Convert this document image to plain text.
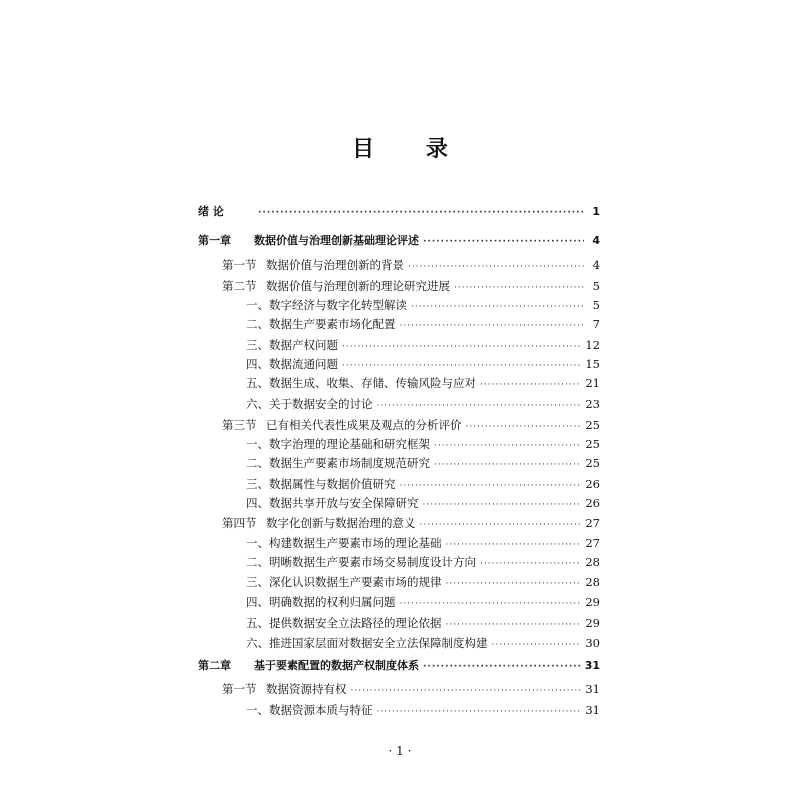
目 录
绪 论 ·····	1
第一章 数据价值与治理创新基础理论评述 ·····	4
第一节 数据价值与治理创新的背景 ·····	4
第二节 数据价值与治理创新的理论研究进展 ·····	5
一、数字经济与数字化转型解读 ·····	5
二、数据生产要素市场化配置 ·····	7
三、数据产权问题 ·····	12
四、数据流通问题 ·····	15
五、数据生成、收集、存储、传输风险与应对 ·····	21
六、关于数据安全的讨论 ·····	23
第三节 已有相关代表性成果及观点的分析评价 ·····	25
一、数字治理的理论基础和研究框架 ·····	25
二、数据生产要素市场制度规范研究 ·····	25
三、数据属性与数据价值研究 ·····	26
四、数据共享开放与安全保障研究 ·····	26
第四节 数字化创新与数据治理的意义 ·····	27
一、构建数据生产要素市场的理论基础 ·····	27
二、明晰数据生产要素市场交易制度设计方向 ·····	28
三、深化认识数据生产要素市场的规律 ·····	28
四、明确数据的权利归属问题 ·····	29
五、提供数据安全立法路径的理论依据 ·····	29
六、推进国家层面对数据安全立法保障制度构建 ·····	30
第二章 基于要素配置的数据产权制度体系 ·····	31
第一节 数据资源持有权 ·····	31
一、数据资源本质与特征 ·····	31
· 1 ·
